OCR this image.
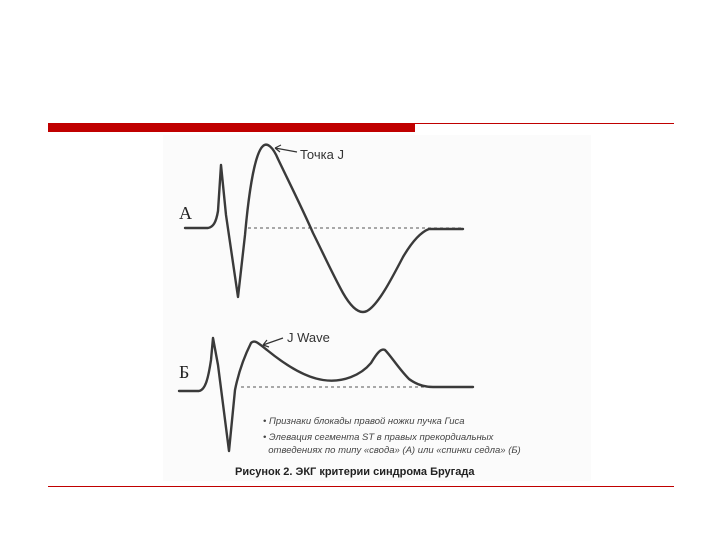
А
Точка J
Б
J Wave
• Признаки блокады правой ножки пучка Гиса
• Элевация сегмента ST в правых прекордиальных
отведениях по типу «свода» (А) или «спинки седла» (Б)
Рисунок 2. ЭКГ критерии синдрома Бругада
